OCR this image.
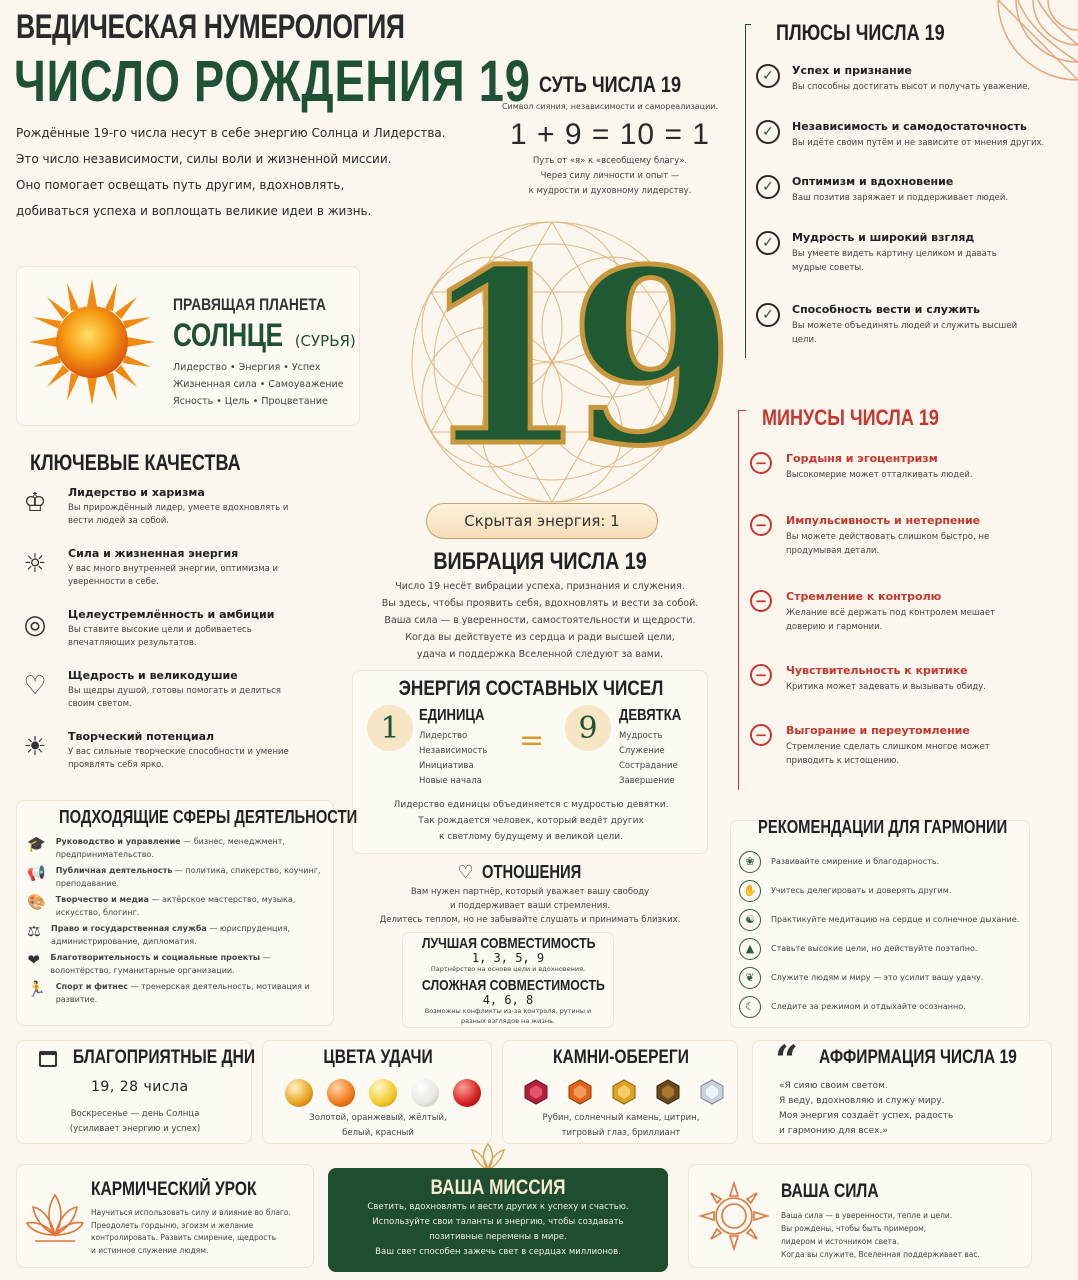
ВЕДИЧЕСКАЯ НУМЕРОЛОГИЯ
ЧИСЛО РОЖДЕНИЯ 19
Рождённые 19-го числа несут в себе энергию Солнца и Лидерства.
Это число независимости, силы воли и жизненной миссии.
Оно помогает освещать путь другим, вдохновлять,
добиваться успеха и воплощать великие идеи в жизнь.
СУТЬ ЧИСЛА 19
Символ сияния, независимости и самореализации.
1 + 9 = 10 = 1
Путь от «я» к «всеобщему благу».
Через силу личности и опыт —
к мудрости и духовному лидерству.
ПРАВЯЩАЯ ПЛАНЕТА
СОЛНЦЕ (СУРЬЯ)
Лидерство • Энергия • Успех
Жизненная сила • Самоуважение
Ясность • Цель • Процветание 19
Скрытая энергия: 1
ПЛЮСЫ ЧИСЛА 19
✓	Успех и признание
Вы способны достигать высот и получать уважение.
✓	Независимость и самодостаточность
Вы идёте своим путём и не зависите от мнения других.
✓	Оптимизм и вдохновение
Ваш позитив заряжает и поддерживает людей.
✓	Мудрость и широкий взгляд
Вы умеете видеть картину целиком и давать мудрые советы.
✓	Способность вести и служить
Вы можете объединять людей и служить высшей цели.
МИНУСЫ ЧИСЛА 19
−	Гордыня и эгоцентризм
Высокомерие может отталкивать людей.
−	Импульсивность и нетерпение
Вы можете действовать слишком быстро, не продумывая детали.
−	Стремление к контролю
Желание всё держать под контролем мешает доверию и гармонии.
−	Чувствительность к критике
Критика может задевать и вызывать обиду.
−	Выгорание и переутомление
Стремление сделать слишком многое может приводить к истощению.
КЛЮЧЕВЫЕ КАЧЕСТВА
♔	Лидерство и харизма
Вы прирождённый лидер, умеете вдохновлять и вести людей за собой.
☼	Сила и жизненная энергия
У вас много внутренней энергии, оптимизма и уверенности в себе.
◎	Целеустремлённость и амбиции
Вы ставите высокие цели и добиваетесь впечатляющих результатов.
♡	Щедрость и великодушие
Вы щедры душой, готовы помогать и делиться своим светом.
☀	Творческий потенциал
У вас сильные творческие способности и умение проявлять себя ярко.
ВИБРАЦИЯ ЧИСЛА 19
Число 19 несёт вибрации успеха, признания и служения.
Вы здесь, чтобы проявить себя, вдохновлять и вести за собой.
Ваша сила — в уверенности, самостоятельности и щедрости.
Когда вы действуете из сердца и ради высшей цели,
удача и поддержка Вселенной следуют за вами.
ЭНЕРГИЯ СОСТАВНЫХ ЧИСЕЛ
1 ЕДИНИЦА
Лидерство
Независимость
Инициатива
Новые начала
= 9 ДЕВЯТКА
Мудрость
Служение
Сострадание
Завершение
Лидерство единицы объединяется с мудростью девятки.
Так рождается человек, который ведёт других
к светлому будущему и великой цели.
ПОДХОДЯЩИЕ СФЕРЫ ДЕЯТЕЛЬНОСТИ
🎓 Руководство и управление — бизнес, менеджмент, предпринимательство.
📢 Публичная деятельность — политика, спикерство, коучинг, преподавание.
🎨 Творчество и медиа — актёрское мастерство, музыка, искусство, блогинг.
⚖ Право и государственная служба — юриспруденция, администрирование, дипломатия.
❤ Благотворительность и социальные проекты — волонтёрство, гуманитарные организации.
🏃 Спорт и фитнес — тренерская деятельность, мотивация и развитие.
♡ ОТНОШЕНИЯ
Вам нужен партнёр, который уважает вашу свободу
и поддерживает ваши стремления.
Делитесь теплом, но не забывайте слушать и принимать близких.
ЛУЧШАЯ СОВМЕСТИМОСТЬ
1, 3, 5, 9
Партнёрство на основе цели и вдохновения.
СЛОЖНАЯ СОВМЕСТИМОСТЬ
4, 6, 8
Возможны конфликты из-за контроля, рутины и разных взглядов на жизнь.
РЕКОМЕНДАЦИИ ДЛЯ ГАРМОНИИ
❀	Развивайте смирение и благодарность.
✋	Учитесь делегировать и доверять другим.
☯	Практикуйте медитацию на сердце и солнечное дыхание.
▲	Ставьте высокие цели, но действуйте поэтапно.
❦	Служите людям и миру — это усилит вашу удачу.
☾	Следите за режимом и отдыхайте осознанно.
БЛАГОПРИЯТНЫЕ ДНИ
19, 28 числа
Воскресенье — день Солнца
(усиливает энергию и успех)
ЦВЕТА УДАЧИ
Золотой, оранжевый, жёлтый,
белый, красный
КАМНИ-ОБЕРЕГИ
Рубин, солнечный камень, цитрин,
тигровый глаз, бриллиант
“ АФФИРМАЦИЯ ЧИСЛА 19
«Я сияю своим светом.
Я веду, вдохновляю и служу миру.
Моя энергия создаёт успех, радость
и гармонию для всех.»
КАРМИЧЕСКИЙ УРОК
Научиться использовать силу и влияние во благо.
Преодолеть гордыню, эгоизм и желание
контролировать. Развить смирение, щедрость
и истинное служение людям.
ВАША МИССИЯ
Светить, вдохновлять и вести других к успеху и счастью.
Используйте свои таланты и энергию, чтобы создавать
позитивные перемены в мире.
Ваш свет способен зажечь свет в сердцах миллионов.
ВАША СИЛА
Ваша сила — в уверенности, тепле и цели.
Вы рождены, чтобы быть примером,
лидером и источником света.
Когда вы служите, Вселенная поддерживает вас.
